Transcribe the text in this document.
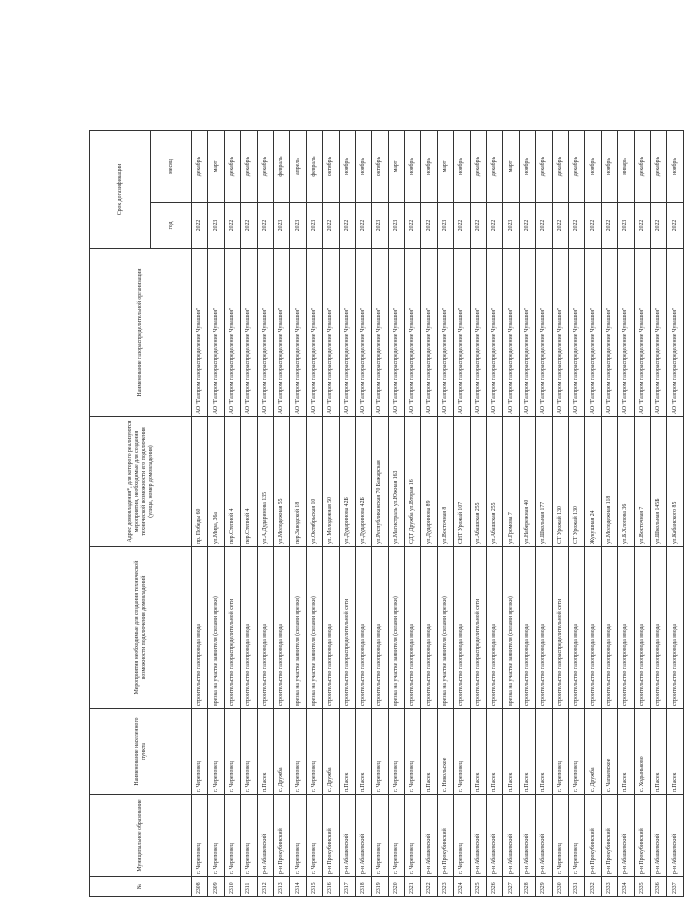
№	Муниципальное образование	Наименование населенного пункта	Мероприятия необходимые для создания технической возможности подключения домовладений	Адрес домовладения*, для которого реализуются мероприятия, необходимые для создания технической возможности его подключения (улица, номер домовладения)	Наименование газораспределительной организации	Срок догазификации	
						год	месяц
2308	г. Череповец	г. Череповец	строительство газопровода ввода	пр. Победы 60	АО "Газпром газораспределение Чувашия"	2022	декабрь
2309	г. Череповец	г. Череповец	врезка на участке заявителя (силами врезки)	ул.Мира, 36а	АО "Газпром газораспределение Чувашия"	2023	март
2310	г. Череповец	г. Череповец	строительство газораспределительной сети	пер.Степной 4	АО "Газпром газораспределение Чувашия"	2022	декабрь
2311	г. Череповец	г. Череповец	строительство газопровода ввода	пер.Степной 4	АО "Газпром газораспределение Чувашия"	2022	декабрь
2312	р-н Абашевский	п.Пасек	строительство газопровода ввода	ул.А.Дударинова 135	АО "Газпром газораспределение Чувашия"	2022	декабрь
2313	р-н Прокубинский	с. Дружба	строительство газопровода ввода	ул.Молодежная 55	АО "Газпром газораспределение Чувашия"	2023	февраль
2314	г. Череповец	г. Череповец	врезка на участке заявителя (силами врезки)	пер.Заводской 18	АО "Газпром газораспределение Чувашия"	2023	апрель
2315	г. Череповец	г. Череповец	врезка на участке заявителя (силами врезки)	ул.Октябрьская 10	АО "Газпром газораспределение Чувашия"	2023	февраль
2316	р-н Прокубинский	с. Дружба	строительство газопровода ввода	ул. Молодежная 50	АО "Газпром газораспределение Чувашия"	2022	октябрь
2317	р-н Абашевский	п.Пасек	строительство газораспределительной сети	ул.Дударинова 42Б	АО "Газпром газораспределение Чувашия"	2022	ноябрь
2318	р-н Абашевский	п.Пасек	строительство газопровода ввода	ул.Дударинова 42Б	АО "Газпром газораспределение Чувашия"	2022	ноябрь
2319	г. Череповец	г. Череповец	строительство газопровода ввода	ул.Республиканская 70 Бажарская	АО "Газпром газораспределение Чувашия"	2023	октябрь
2320	г. Череповец	г. Череповец	врезка на участке заявителя (силами врезки)	ул.Магистраль ул.Южная 163	АО "Газпром газораспределение Чувашия"	2023	март
2321	г. Череповец	г. Череповец	строительство газопровода ввода	СДТ Дружба ул.Вторая 16	АО "Газпром газораспределение Чувашия"	2022	ноябрь
2322	р-н Абашевский	п.Пасек	строительство газопровода ввода	ул.Дударинова 89	АО "Газпром газораспределение Чувашия"	2022	ноябрь
2323	р-н Прокубинский	с. Никольское	врезка на участке заявителя (силами врезки)	ул.Восточная 8	АО "Газпром газораспределение Чувашия"	2023	март
2324	г. Череповец	г. Череповец	строительство газопровода ввода	СНТ Урожай 107	АО "Газпром газораспределение Чувашия"	2022	ноябрь
2325	р-н Абашевский	п.Пасек	строительство газораспределительной сети	ул.Абашская 255	АО "Газпром газораспределение Чувашия"	2022	декабрь
2326	р-н Абашевский	п.Пасек	строительство газопровода ввода	ул.Абашская 255	АО "Газпром газораспределение Чувашия"	2022	декабрь
2327	р-н Абашевский	п.Пасек	врезка на участке заявителя (силами врезки)	ул.Громова 7	АО "Газпром газораспределение Чувашия"	2023	март
2328	р-н Абашевский	п.Пасек	строительство газопровода ввода	ул.Набережная 40	АО "Газпром газораспределение Чувашия"	2022	ноябрь
2329	р-н Абашевский	п.Пасек	строительство газопровода ввода	ул.Школьная 177	АО "Газпром газораспределение Чувашия"	2022	декабрь
2330	г. Череповец	г. Череповец	строительство газораспределительной сети	СТ Урожай 130	АО "Газпром газораспределение Чувашия"	2022	декабрь
2331	г. Череповец	г. Череповец	строительство газопровода ввода	СТ Урожай 130	АО "Газпром газораспределение Чувашия"	2022	декабрь
2332	р-н Прокубинский	с. Дружба	строительство газопровода ввода	Жукушная 24	АО "Газпром газораспределение Чувашия"	2022	ноябрь
2333	р-н Прокубинский	с. Чапаевское	строительство газопровода ввода	ул.Молодежная 118	АО "Газпром газораспределение Чувашия"	2022	ноябрь
2334	р-н Абашевский	п.Пасек	строительство газопровода ввода	ул.Б.Хлопова 36	АО "Газпром газораспределение Чувашия"	2023	январь
2335	р-н Прокубинский	с. Ходыньково	строительство газопровода ввода	ул.Восточная 7	АО "Газпром газораспределение Чувашия"	2022	декабрь
2336	р-н Абашевский	п.Пасек	строительство газопровода ввода	ул.Школьная 145Б	АО "Газпром газораспределение Чувашия"	2022	декабрь
2337	р-н Абашевский	п.Пасек	строительство газопровода ввода	ул.Кабанского 85	АО "Газпром газораспределение Чувашия"	2022	ноябрь
